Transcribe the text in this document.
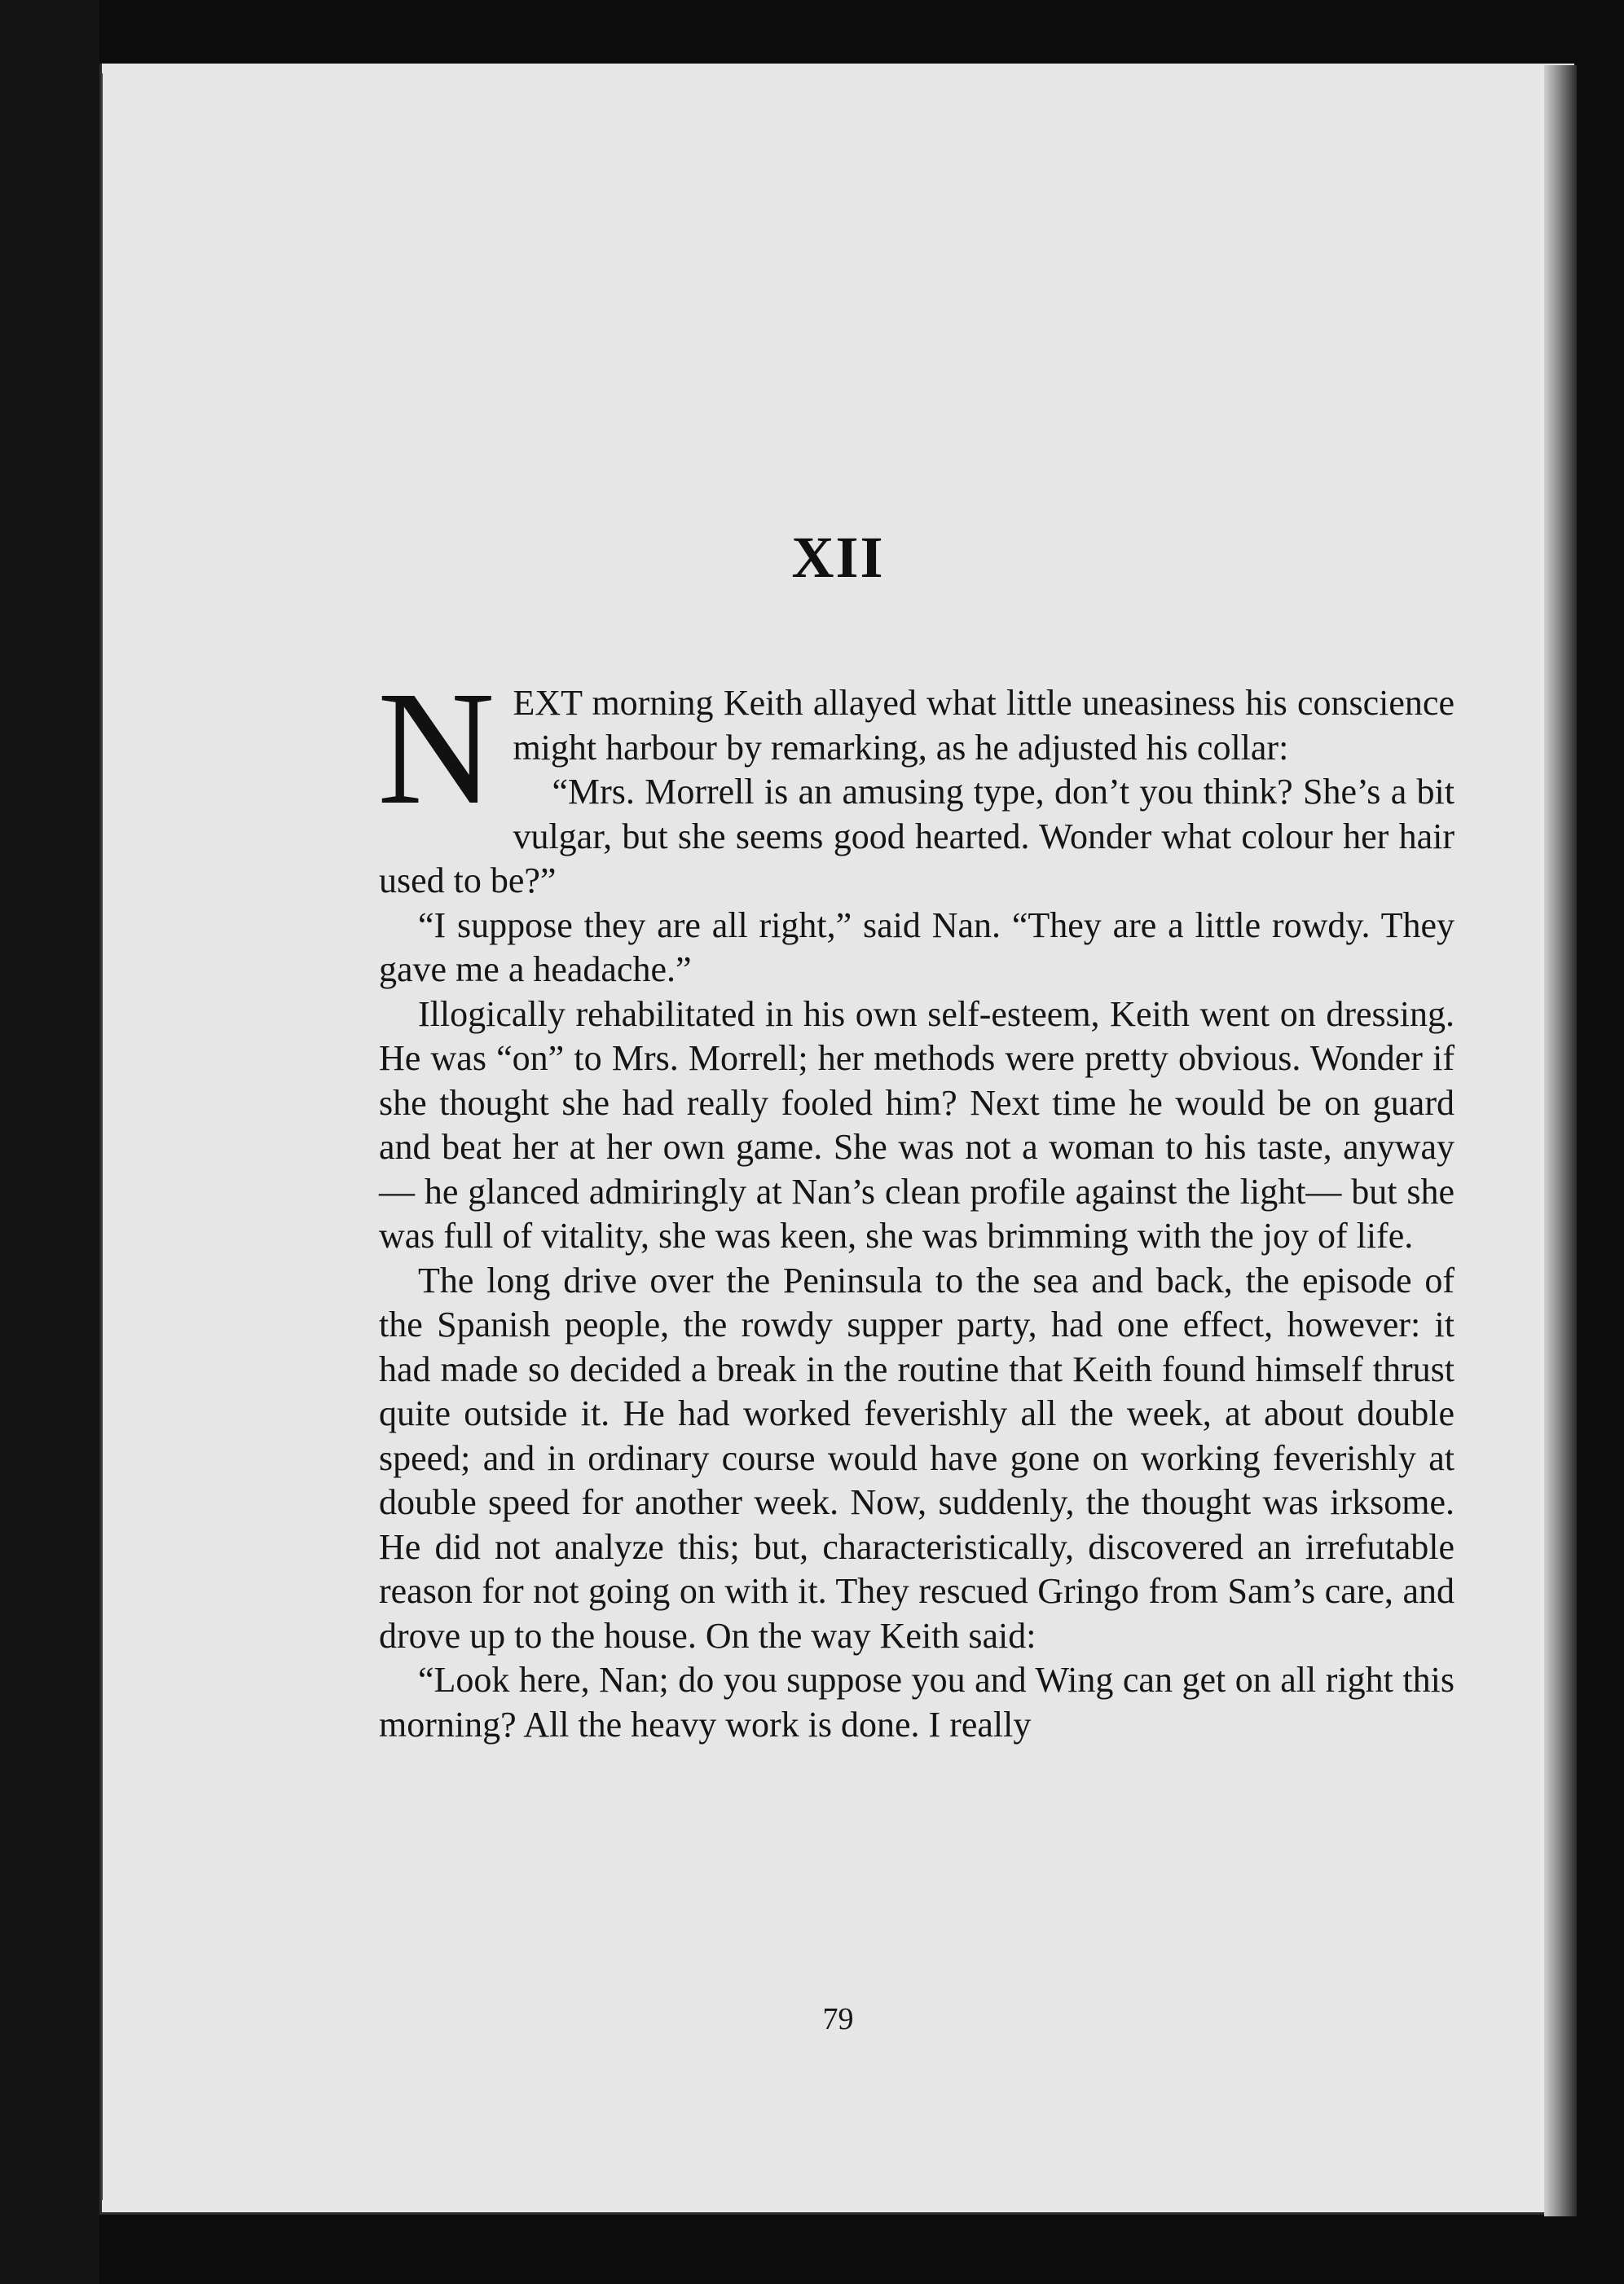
XII
N EXT morning Keith allayed what little uneasiness his conscience might harbour by remarking, as he adjusted his collar:

“Mrs. Morrell is an amusing type, don’t you think? She’s a bit vulgar, but she seems good hearted. Wonder what colour her hair used to be?”

“I suppose they are all right,” said Nan. “They are a little rowdy. They gave me a headache.”

Illogically rehabilitated in his own self-esteem, Keith went on dressing. He was “on” to Mrs. Morrell; her methods were pretty obvious. Wonder if she thought she had really fooled him? Next time he would be on guard and beat her at her own game. She was not a woman to his taste, anyway— he glanced admiringly at Nan’s clean profile against the light— but she was full of vitality, she was keen, she was brimming with the joy of life.

The long drive over the Peninsula to the sea and back, the episode of the Spanish people, the rowdy supper party, had one effect, however: it had made so decided a break in the routine that Keith found himself thrust quite outside it. He had worked feverishly all the week, at about double speed; and in ordinary course would have gone on working feverishly at double speed for another week. Now, suddenly, the thought was irksome. He did not analyze this; but, characteristically, discovered an irrefutable reason for not going on with it. They rescued Gringo from Sam’s care, and drove up to the house. On the way Keith said:

“Look here, Nan; do you suppose you and Wing can get on all right this morning? All the heavy work is done. I really

79
